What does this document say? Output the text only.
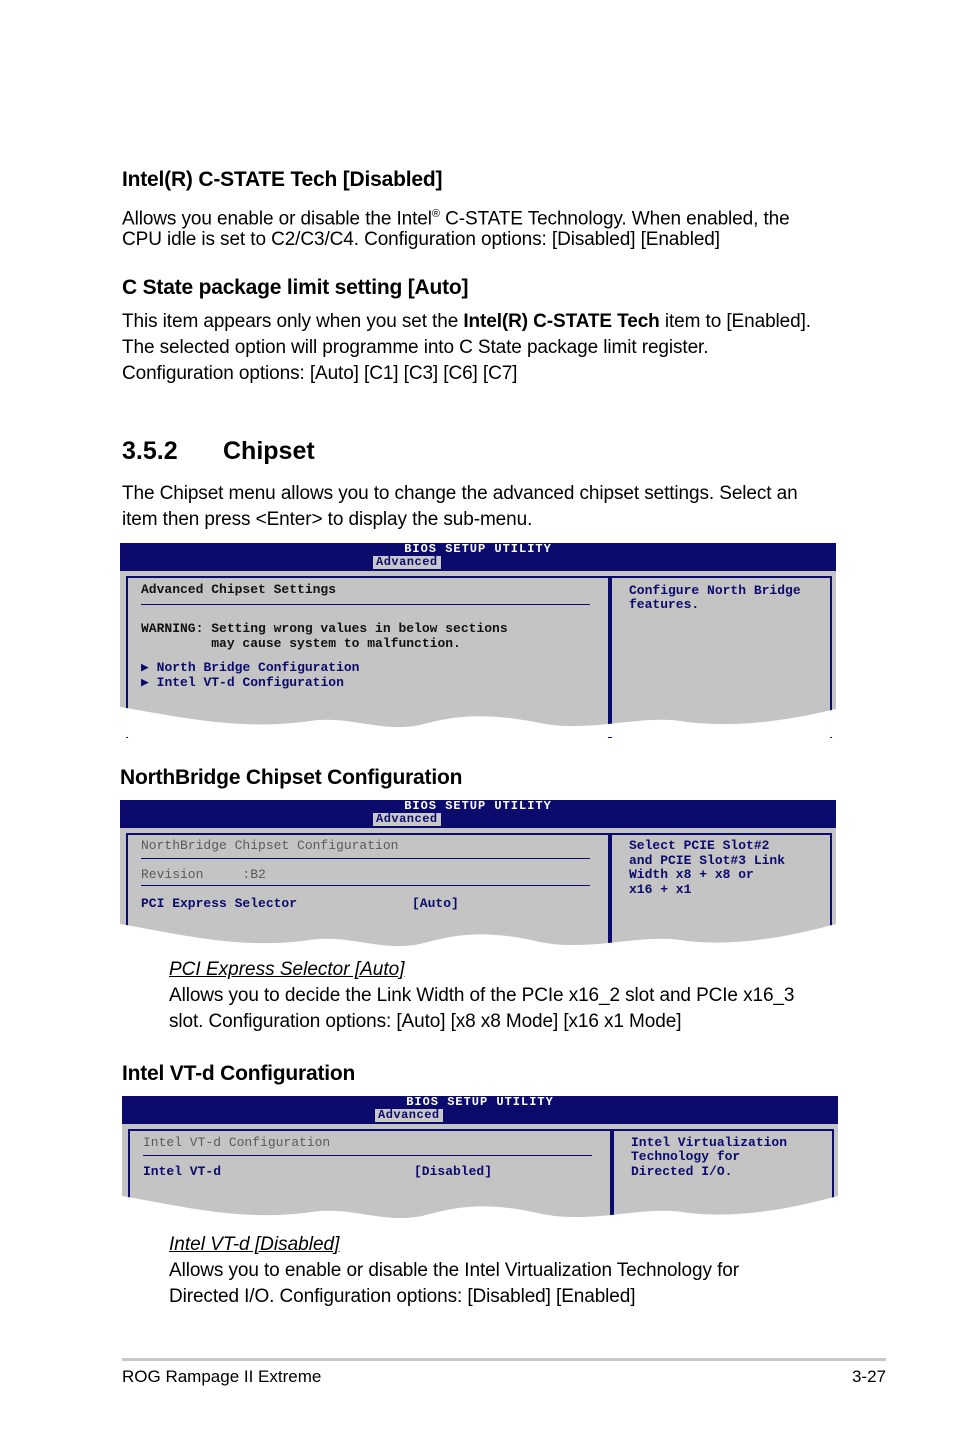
Intel(R) C-STATE Tech [Disabled]
Allows you enable or disable the Intel® C-STATE Technology. When enabled, the
CPU idle is set to C2/C3/C4. Configuration options: [Disabled] [Enabled]
C State package limit setting [Auto]
This item appears only when you set the Intel(R) C-STATE Tech item to [Enabled].
The selected option will programme into C State package limit register.
Configuration options: [Auto] [C1] [C3] [C6] [C7]
3.5.2 Chipset
The Chipset menu allows you to change the advanced chipset settings. Select an
item then press <Enter> to display the sub-menu.
BIOS SETUP UTILITY
Advanced
Advanced Chipset Settings
WARNING: Setting wrong values in below sections
may cause system to malfunction.
▶ North Bridge Configuration
▶ Intel VT-d Configuration
Configure North Bridge
features.
NorthBridge Chipset Configuration
BIOS SETUP UTILITY
Advanced
NorthBridge Chipset Configuration
Revision     :B2
PCI Express Selector	[Auto]
Select PCIE Slot#2
and PCIE Slot#3 Link
Width x8 + x8 or
x16 + x1
PCI Express Selector [Auto]
Allows you to decide the Link Width of the PCIe x16_2 slot and PCIe x16_3
slot. Configuration options: [Auto] [x8 x8 Mode] [x16 x1 Mode]
Intel VT-d Configuration
BIOS SETUP UTILITY
Advanced
Intel VT-d Configuration
Intel VT-d	[Disabled]
Intel Virtualization
Technology for
Directed I/O.
Intel VT-d [Disabled]
Allows you to enable or disable the Intel Virtualization Technology for
Directed I/O. Configuration options: [Disabled] [Enabled]
ROG Rampage II Extreme	3-27
